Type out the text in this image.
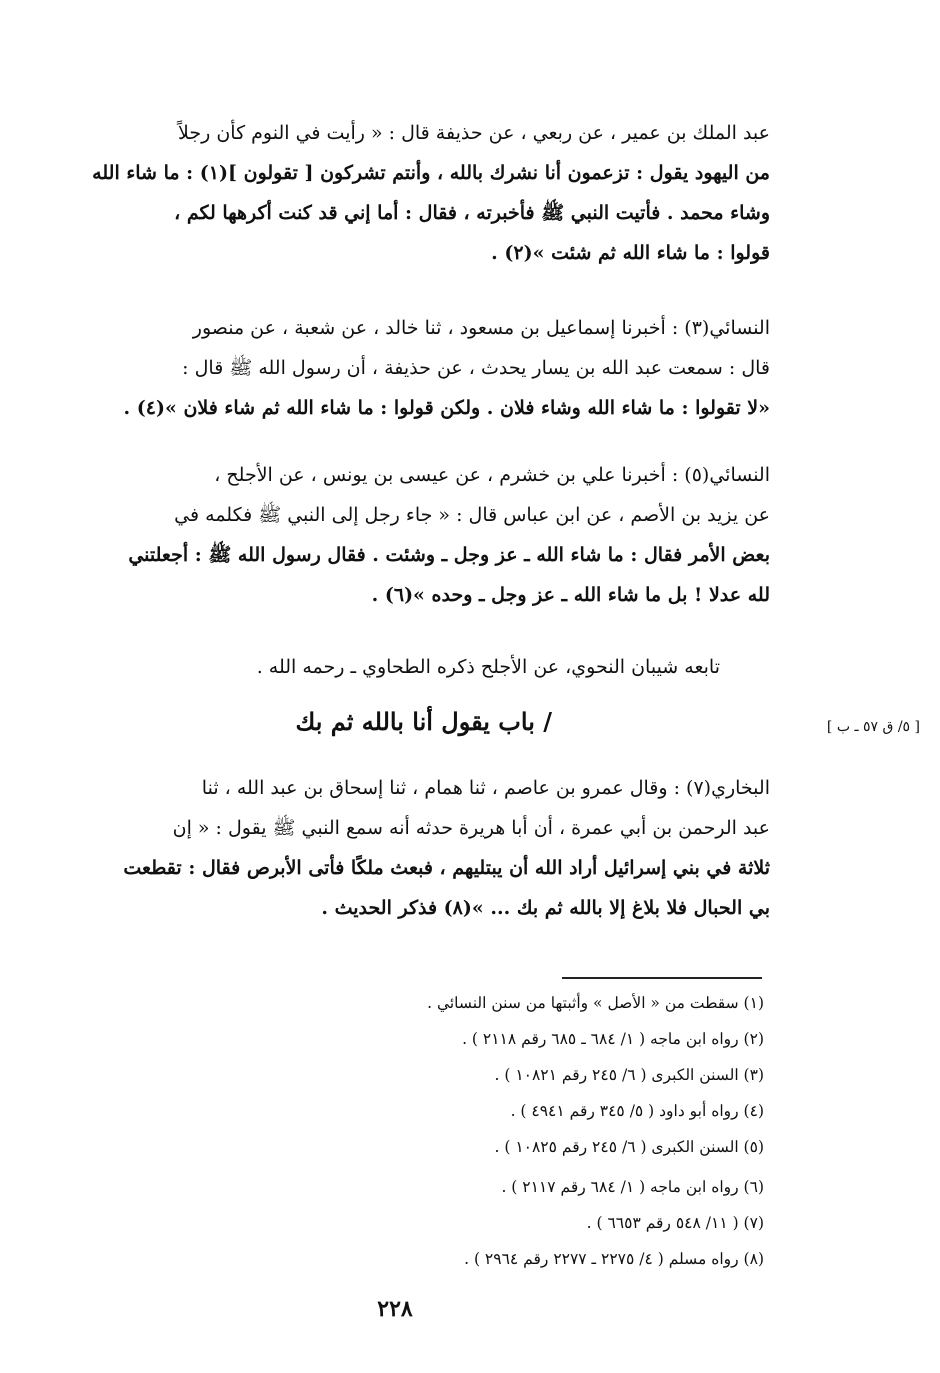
عبد الملك بن عمير ، عن ربعي ، عن حذيفة قال : « رأيت في النوم كأن رجلاً
من اليهود يقول : تزعمون أنا نشرك بالله ، وأنتم تشركون [ تقولون ](١) : ما شاء الله
وشاء محمد . فأتيت النبي ﷺ فأخبرته ، فقال : أما إني قد كنت أكرهها لكم ،
قولوا : ما شاء الله ثم شئت »(٢) .
النسائي(٣) : أخبرنا إسماعيل بن مسعود ، ثنا خالد ، عن شعبة ، عن منصور
قال : سمعت عبد الله بن يسار يحدث ، عن حذيفة ، أن رسول الله ﷺ قال :
«لا تقولوا : ما شاء الله وشاء فلان . ولكن قولوا : ما شاء الله ثم شاء فلان »(٤) .
النسائي(٥) : أخبرنا علي بن خشرم ، عن عيسى بن يونس ، عن الأجلح ،
عن يزيد بن الأصم ، عن ابن عباس قال : « جاء رجل إلى النبي ﷺ فكلمه في
بعض الأمر فقال : ما شاء الله ـ عز وجل ـ وشئت . فقال رسول الله ﷺ : أجعلتني
لله عدلا ! بل ما شاء الله ـ عز وجل ـ وحده »(٦) .
تابعه شيبان النحوي، عن الأجلح ذكره الطحاوي ـ رحمه الله .
/ باب يقول أنا بالله ثم بك	[ ٥/ ق ٥٧ ـ ب ]
البخاري(٧) : وقال عمرو بن عاصم ، ثنا همام ، ثنا إسحاق بن عبد الله ، ثنا
عبد الرحمن بن أبي عمرة ، أن أبا هريرة حدثه أنه سمع النبي ﷺ يقول : « إن
ثلاثة في بني إسرائيل أراد الله أن يبتليهم ، فبعث ملكًا فأتى الأبرص فقال : تقطعت
بي الحبال فلا بلاغ إلا بالله ثم بك ... »(٨) فذكر الحديث .
(١) سقطت من « الأصل » وأثبتها من سنن النسائي .
(٢) رواه ابن ماجه ( ١/ ٦٨٤ ـ ٦٨٥ رقم ٢١١٨ ) .
(٣) السنن الكبرى ( ٦/ ٢٤٥ رقم ١٠٨٢١ ) .
(٤) رواه أبو داود ( ٥/ ٣٤٥ رقم ٤٩٤١ ) .
(٥) السنن الكبرى ( ٦/ ٢٤٥ رقم ١٠٨٢٥ ) .
(٦) رواه ابن ماجه ( ١/ ٦٨٤ رقم ٢١١٧ ) .
(٧) ( ١١/ ٥٤٨ رقم ٦٦٥٣ ) .
(٨) رواه مسلم ( ٤/ ٢٢٧٥ ـ ٢٢٧٧ رقم ٢٩٦٤ ) .
٢٢٨
